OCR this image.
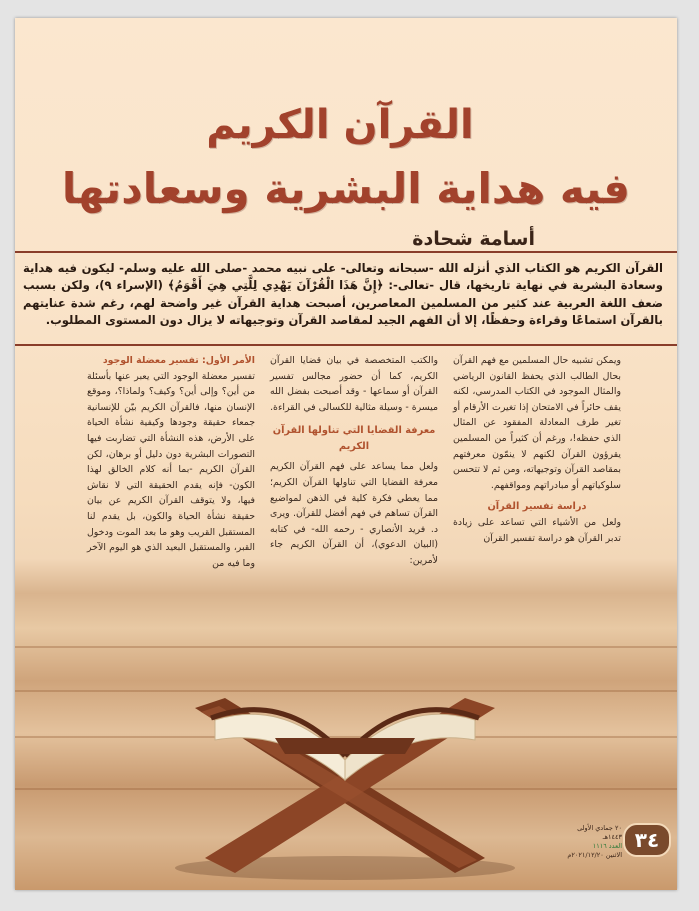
القرآن الكريم
فيه هداية البشرية وسعادتها
أسامة شحادة
القرآن الكريم هو الكتاب الذي أنزله الله -سبحانه وتعالى- على نبيه محمد -صلى الله عليه وسلم- ليكون فيه هداية وسعادة البشرية في نهاية تاريخها، قال -تعالى-: ﴿إِنَّ هَذَا الْقُرْآنَ يَهْدِي لِلَّتِي هِيَ أَقْوَمُ﴾ (الإسراء ٩)، ولكن بسبب ضعف اللغة العربية عند كثير من المسلمين المعاصرين، أصبحت هداية القرآن غير واضحة لهم، رغم شدة عنايتهم بالقرآن استماعًا وقراءة وحفظًا، إلا أن الفهم الجيد لمقاصد القرآن وتوجيهاته لا يزال دون المستوى المطلوب.

ويمكن تشبيه حال المسلمين مع فهم القرآن بحال الطالب الذي يحفظ القانون الرياضي والمثال الموجود في الكتاب المدرسي، لكنه يقف حائراً في الامتحان إذا تغيرت الأرقام أو تغير طرف المعادلة المفقود عن المثال الذي حفظه!، ورغم أن كثيراً من المسلمين يقرؤون القرآن لكنهم لا ينمّون معرفتهم بمقاصد القرآن وتوجيهاته، ومن ثم لا تتحسن سلوكياتهم أو مبادراتهم ومواقفهم.

دراسة تفسير القرآن

ولعل من الأشياء التي تساعد على زيادة تدبر القرآن هو دراسة تفسير القرآن

والكتب المتخصصة في بيان قضايا القرآن الكريم، كما أن حضور مجالس تفسير القرآن أو سماعها - وقد أصبحت بفضل الله ميسرة - وسيلة مثالية للكسالى في القراءة.

معرفة القضايا التي تناولها القرآن الكريم

ولعل مما يساعد على فهم القرآن الكريم معرفة القضايا التي تناولها القرآن الكريم؛ مما يعطي فكرة كلية في الذهن لمواضيع القرآن تساهم في فهم أفضل للقرآن. ويرى د. فريد الأنصاري - رحمه الله- في كتابه (البيان الدعوي)، أن القرآن الكريم جاء لأمرين:

الأمر الأول: تفسير معضلة الوجود

تفسير معضلة الوجود التي يعبر عنها بأسئلة من أين؟ وإلى أين؟ وكيف؟ ولماذا؟، وموقع الإنسان منها، فالقرآن الكريم بيّن للإنسانية جمعاء حقيقة وجودها وكيفية نشأة الحياة على الأرض، هذه النشأة التي تضاربت فيها التصورات البشرية دون دليل أو برهان، لكن القرآن الكريم -بما أنه كلام الخالق لهذا الكون- فإنه يقدم الحقيقة التي لا نقاش فيها، ولا يتوقف القرآن الكريم عن بيان حقيقة نشأة الحياة والكون، بل يقدم لنا المستقبل القريب وهو ما بعد الموت ودخول القبر، والمستقبل البعيد الذي هو اليوم الآخر وما فيه من

٣٤
٢٠ جمادي الأولى ١٤٤٣هـ
العدد ١١١٦
الاثنين ٢٠٢١/١٢/٢٠م
